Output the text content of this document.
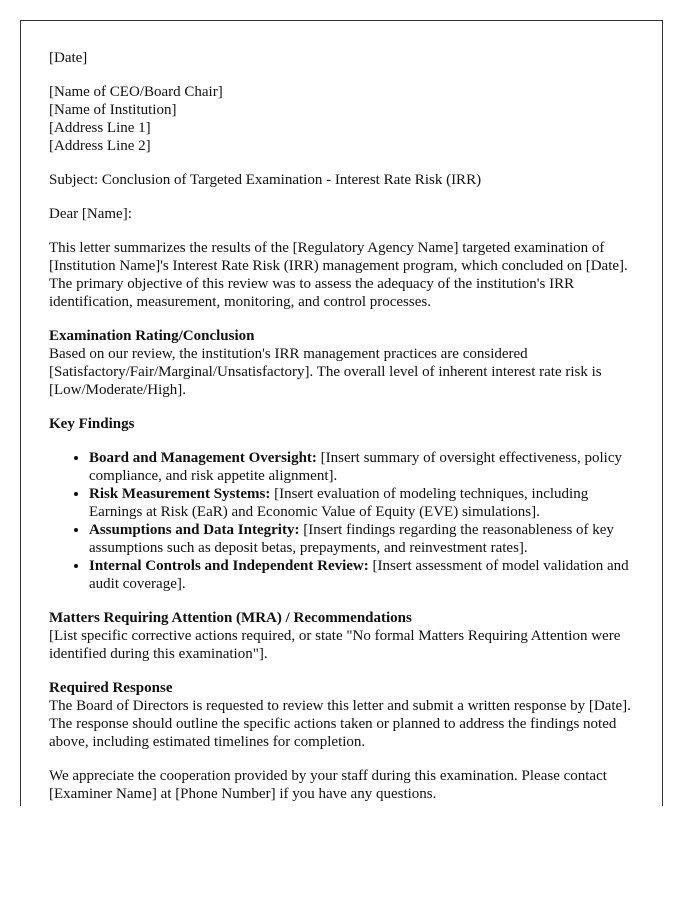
[Date]

[Name of CEO/Board Chair]
[Name of Institution]
[Address Line 1]
[Address Line 2]

Subject: Conclusion of Targeted Examination - Interest Rate Risk (IRR)

Dear [Name]:

This letter summarizes the results of the [Regulatory Agency Name] targeted examination of [Institution Name]'s Interest Rate Risk (IRR) management program, which concluded on [Date]. The primary objective of this review was to assess the adequacy of the institution's IRR identification, measurement, monitoring, and control processes.

Examination Rating/Conclusion
Based on our review, the institution's IRR management practices are considered [Satisfactory/Fair/Marginal/Unsatisfactory]. The overall level of inherent interest rate risk is [Low/Moderate/High].

Key Findings
• Board and Management Oversight: [Insert summary of oversight effectiveness, policy compliance, and risk appetite alignment].
• Risk Measurement Systems: [Insert evaluation of modeling techniques, including Earnings at Risk (EaR) and Economic Value of Equity (EVE) simulations].
• Assumptions and Data Integrity: [Insert findings regarding the reasonableness of key assumptions such as deposit betas, prepayments, and reinvestment rates].
• Internal Controls and Independent Review: [Insert assessment of model validation and audit coverage].

Matters Requiring Attention (MRA) / Recommendations
[List specific corrective actions required, or state "No formal Matters Requiring Attention were identified during this examination"].

Required Response
The Board of Directors is requested to review this letter and submit a written response by [Date]. The response should outline the specific actions taken or planned to address the findings noted above, including estimated timelines for completion.

We appreciate the cooperation provided by your staff during this examination. Please contact [Examiner Name] at [Phone Number] if you have any questions.
